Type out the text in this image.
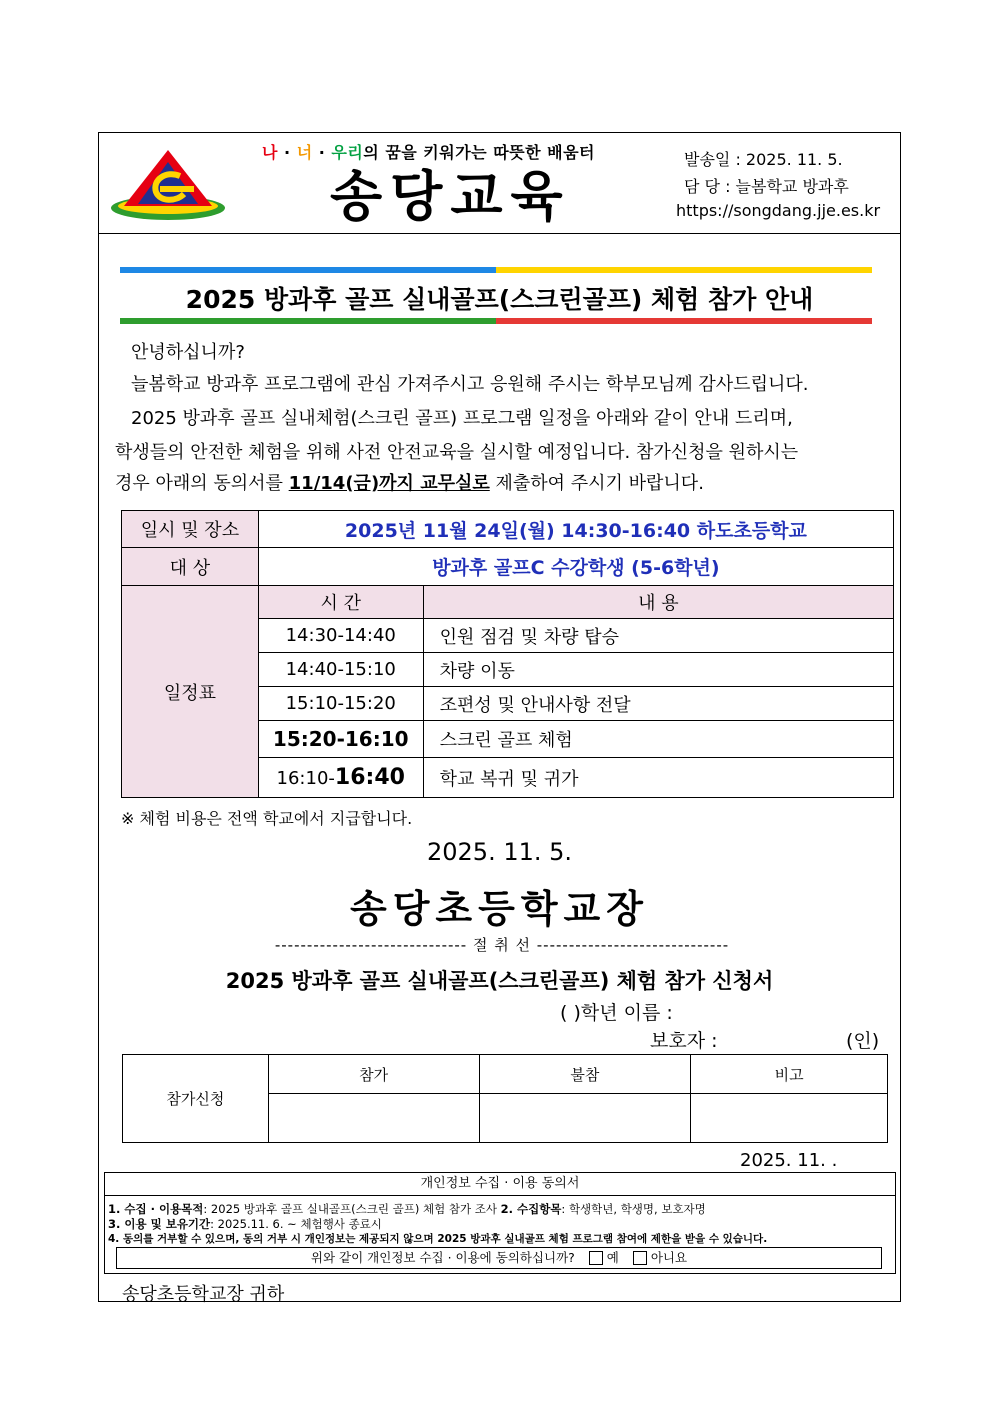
나 · 너 · 우리의 꿈을 키워가는 따뜻한 배움터
송당교육
발송일 : 2025. 11. 5.
담 당 : 늘봄학교 방과후
https://songdang.jje.es.kr
2025 방과후 골프 실내골프(스크린골프) 체험 참가 안내
안녕하십니까?
늘봄학교 방과후 프로그램에 관심 가져주시고 응원해 주시는 학부모님께 감사드립니다.
2025 방과후 골프 실내체험(스크린 골프) 프로그램 일정을 아래와 같이 안내 드리며,
학생들의 안전한 체험을 위해 사전 안전교육을 실시할 예정입니다. 참가신청을 원하시는
경우 아래의 동의서를 11/14(금)까지 교무실로 제출하여 주시기 바랍니다.
일시 및 장소	2025년 11월 24일(월) 14:30-16:40 하도초등학교	
대 상	방과후 골프C 수강학생 (5-6학년)	
일정표	시 간	내 용
	14:30-14:40	인원 점검 및 차량 탑승
	14:40-15:10	차량 이동
	15:10-15:20	조편성 및 안내사항 전달
	15:20-16:10	스크린 골프 체험
	16:10-16:40	학교 복귀 및 귀가
※ 체험 비용은 전액 학교에서 지급합니다.
2025. 11. 5.
송당초등학교장
------------------------------ 절 취 선 ------------------------------
2025 방과후 골프 실내골프(스크린골프) 체험 참가 신청서
( )학년 이름 :
보호자 :	(인)
참가신청	참가	불참	비고

2025. 11. .
개인정보 수집 · 이용 동의서
1. 수집 · 이용목적: 2025 방과후 골프 실내골프(스크린 골프) 체험 참가 조사 2. 수집항목: 학생학년, 학생명, 보호자명
3. 이용 및 보유기간: 2025.11. 6. ~ 체험행사 종료시
4. 동의를 거부할 수 있으며, 동의 거부 시 개인정보는 제공되지 않으며 2025 방과후 실내골프 체험 프로그램 참여에 제한을 받을 수 있습니다.
위와 같이 개인정보 수집 · 이용에 동의하십니까?	예	아니요
송당초등학교장 귀하
